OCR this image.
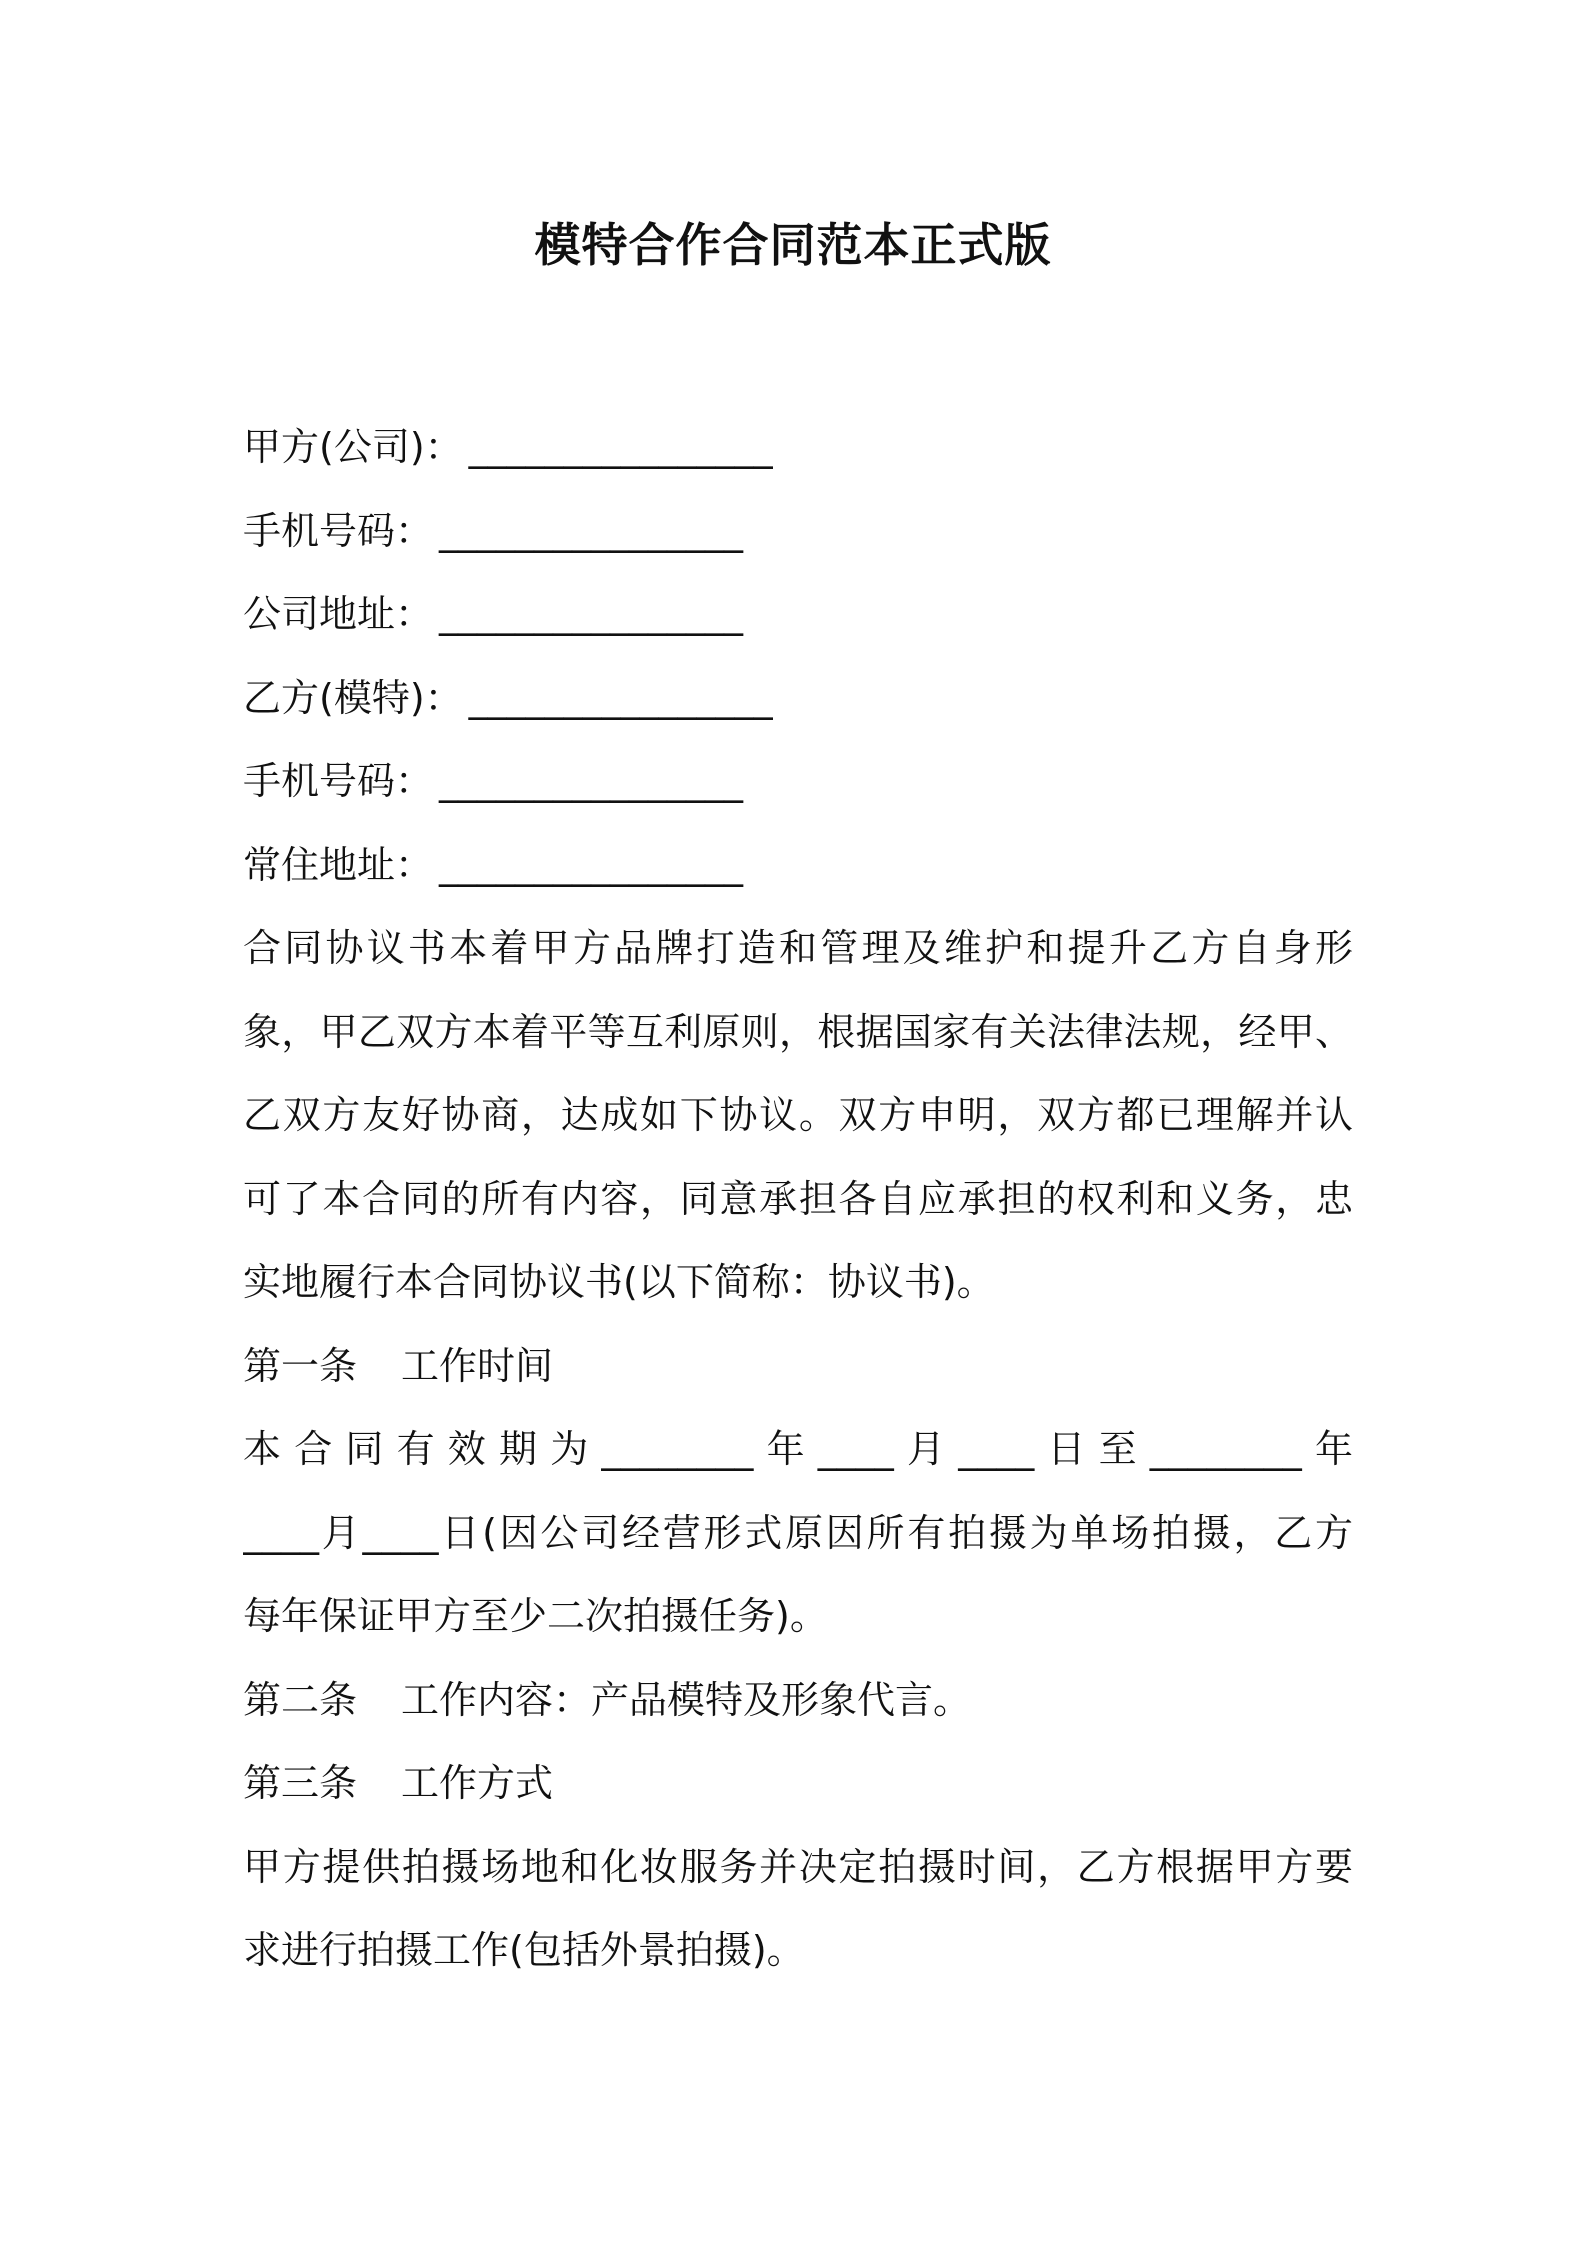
模特合作合同范本正式版
甲方(公司)： ________________
手机号码： ________________
公司地址： ________________
乙方(模特)： ________________
手机号码： ________________
常住地址： ________________
合同协议书本着甲方品牌打造和管理及维护和提升乙方自身形
象，甲乙双方本着平等互利原则，根据国家有关法律法规，经甲、
乙双方友好协商，达成如下协议。双方申明，双方都已理解并认
可了本合同的所有内容，同意承担各自应承担的权利和义务，忠
实地履行本合同协议书(以下简称：协议书)。
第一条 工作时间
本合同有效期为________年____月____日至________年
____月____日(因公司经营形式原因所有拍摄为单场拍摄，乙方
每年保证甲方至少二次拍摄任务)。
第二条 工作内容：产品模特及形象代言。
第三条 工作方式
甲方提供拍摄场地和化妆服务并决定拍摄时间，乙方根据甲方要
求进行拍摄工作(包括外景拍摄)。
